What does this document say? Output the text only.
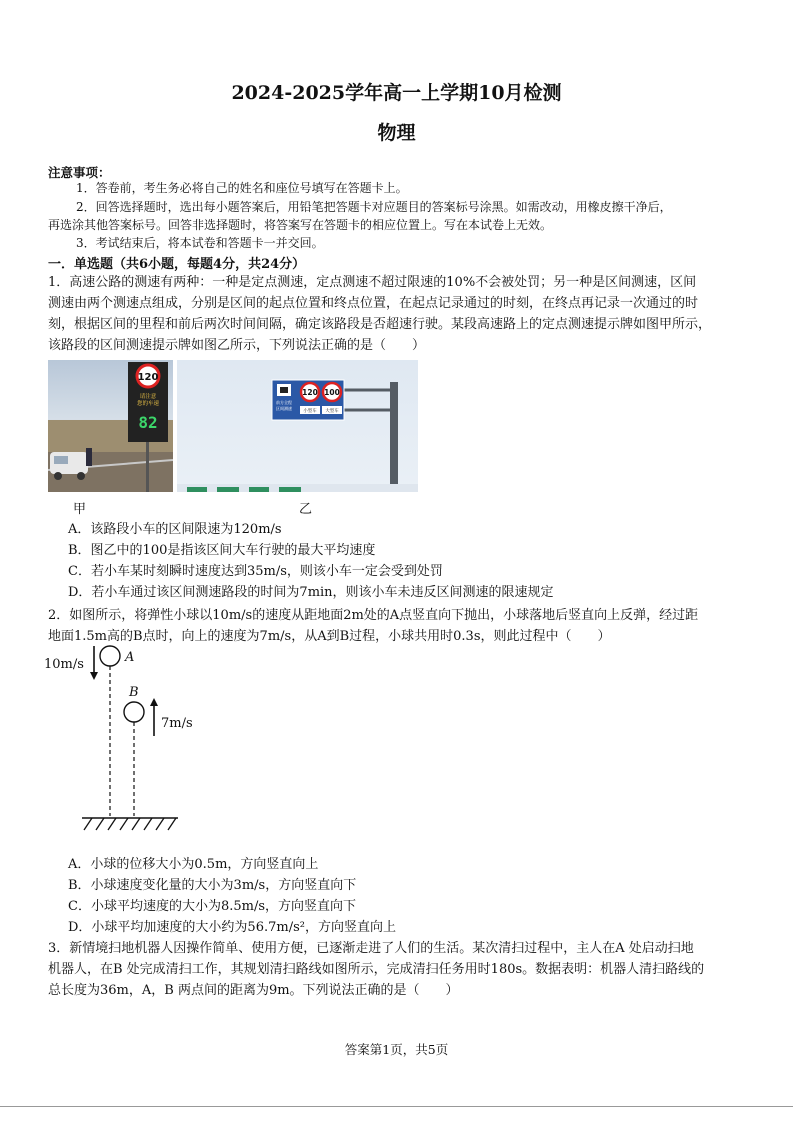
2024-2025学年高一上学期10月检测
物理
注意事项：
1．答卷前，考生务必将自己的姓名和座位号填写在答题卡上。
2．回答选择题时，选出每小题答案后，用铅笔把答题卡对应题目的答案标号涂黑。如需改动，用橡皮擦干净后，
再选涂其他答案标号。回答非选择题时，将答案写在答题卡的相应位置上。写在本试卷上无效。
3．考试结束后，将本试卷和答题卡一并交回。
一．单选题（共6小题，每题4分，共24分）
1．高速公路的测速有两种：一种是定点测速，定点测速不超过限速的10%不会被处罚；另一种是区间测速，区间
测速由两个测速点组成，分别是区间的起点位置和终点位置，在起点记录通过的时刻，在终点再记录一次通过的时
刻，根据区间的里程和前后两次时间间隔，确定该路段是否超速行驶。某段高速路上的定点测速提示牌如图甲所示，
该路段的区间测速提示牌如图乙所示，下列说法正确的是（　　）
120
请注意
您的车速
82
前方全程
区间测速
120 100
小型车 大型车
甲	乙
A．该路段小车的区间限速为120m/s
B．图乙中的100是指该区间大车行驶的最大平均速度
C．若小车某时刻瞬时速度达到35m/s，则该小车一定会受到处罚
D．若小车通过该区间测速路段的时间为7min，则该小车未违反区间测速的限速规定
2．如图所示，将弹性小球以10m/s的速度从距地面2m处的A点竖直向下抛出，小球落地后竖直向上反弹，经过距
地面1.5m高的B点时，向上的速度为7m/s，从A到B过程，小球共用时0.3s，则此过程中（　　）
10m/s	A
B
7m/s
A．小球的位移大小为0.5m，方向竖直向上
B．小球速度变化量的大小为3m/s，方向竖直向下
C．小球平均速度的大小为8.5m/s，方向竖直向下
D．小球平均加速度的大小约为56.7m/s²，方向竖直向上
3．新情境扫地机器人因操作简单、使用方便，已逐渐走进了人们的生活。某次清扫过程中，主人在A 处启动扫地
机器人，在B 处完成清扫工作，其规划清扫路线如图所示，完成清扫任务用时180s。数据表明：机器人清扫路线的
总长度为36m，A，B 两点间的距离为9m。下列说法正确的是（　　）
答案第1页，共5页
